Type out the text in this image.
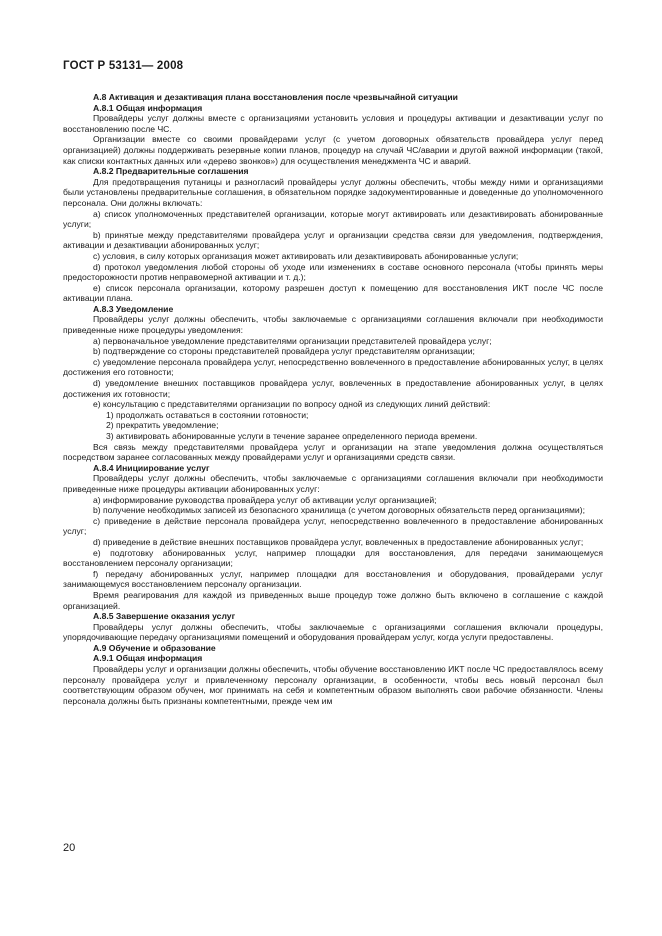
ГОСТ Р 53131— 2008

А.8 Активация и дезактивация плана восстановления после чрезвычайной ситуации

А.8.1 Общая информация

Провайдеры услуг должны вместе с организациями установить условия и процедуры активации и дезактивации услуг по восстановлению после ЧС.

Организации вместе со своими провайдерами услуг (с учетом договорных обязательств провайдера услуг перед организацией) должны поддерживать резервные копии планов, процедур на случай ЧС/аварии и другой важной информации (такой, как списки контактных данных или «дерево звонков») для осуществления менеджмента ЧС и аварий.

А.8.2 Предварительные соглашения

Для предотвращения путаницы и разногласий провайдеры услуг должны обеспечить, чтобы между ними и организациями были установлены предварительные соглашения, в обязательном порядке задокументированные и доведенные до уполномоченного персонала. Они должны включать:

а) список уполномоченных представителей организации, которые могут активировать или дезактивировать абонированные услуги;

b) принятые между представителями провайдера услуг и организации средства связи для уведомления, подтверждения, активации и дезактивации абонированных услуг;

с) условия, в силу которых организация может активировать или дезактивировать абонированные услуги;

d) протокол уведомления любой стороны об уходе или изменениях в составе основного персонала (чтобы принять меры предосторожности против неправомерной активации и т. д.);

е) список персонала организации, которому разрешен доступ к помещению для восстановления ИКТ после ЧС после активации плана.

А.8.3 Уведомление

Провайдеры услуг должны обеспечить, чтобы заключаемые с организациями соглашения включали при необходимости приведенные ниже процедуры уведомления:

а) первоначальное уведомление представителями организации представителей провайдера услуг;

b) подтверждение со стороны представителей провайдера услуг представителям организации;

с) уведомление персонала провайдера услуг, непосредственно вовлеченного в предоставление абонированных услуг, в целях достижения его готовности;

d) уведомление внешних поставщиков провайдера услуг, вовлеченных в предоставление абонированных услуг, в целях достижения их готовности;

е) консультацию с представителями организации по вопросу одной из следующих линий действий:

1) продолжать оставаться в состоянии готовности;

2) прекратить уведомление;

3) активировать абонированные услуги в течение заранее определенного периода времени.

Вся связь между представителями провайдера услуг и организации на этапе уведомления должна осуществляться посредством заранее согласованных между провайдерами услуг и организациями средств связи.

А.8.4 Инициирование услуг

Провайдеры услуг должны обеспечить, чтобы заключаемые с организациями соглашения включали при необходимости приведенные ниже процедуры активации абонированных услуг:

а) информирование руководства провайдера услуг об активации услуг организацией;

b) получение необходимых записей из безопасного хранилища (с учетом договорных обязательств перед организациями);

с) приведение в действие персонала провайдера услуг, непосредственно вовлеченного в предоставление абонированных услуг;

d) приведение в действие внешних поставщиков провайдера услуг, вовлеченных в предоставление абонированных услуг;

е) подготовку абонированных услуг, например площадки для восстановления, для передачи занимающемуся восстановлением персоналу организации;

f) передачу абонированных услуг, например площадки для восстановления и оборудования, провайдерами услуг занимающемуся восстановлением персоналу организации.

Время реагирования для каждой из приведенных выше процедур тоже должно быть включено в соглашение с каждой организацией.

А.8.5 Завершение оказания услуг

Провайдеры услуг должны обеспечить, чтобы заключаемые с организациями соглашения включали процедуры, упорядочивающие передачу организациями помещений и оборудования провайдерам услуг, когда услуги предоставлены.

А.9 Обучение и образование

А.9.1 Общая информация

Провайдеры услуг и организации должны обеспечить, чтобы обучение восстановлению ИКТ после ЧС предоставлялось всему персоналу провайдера услуг и привлеченному персоналу организации, в особенности, чтобы весь новый персонал был соответствующим образом обучен, мог принимать на себя и компетентным образом выполнять свои рабочие обязанности. Члены персонала должны быть признаны компетентными, прежде чем им

20
